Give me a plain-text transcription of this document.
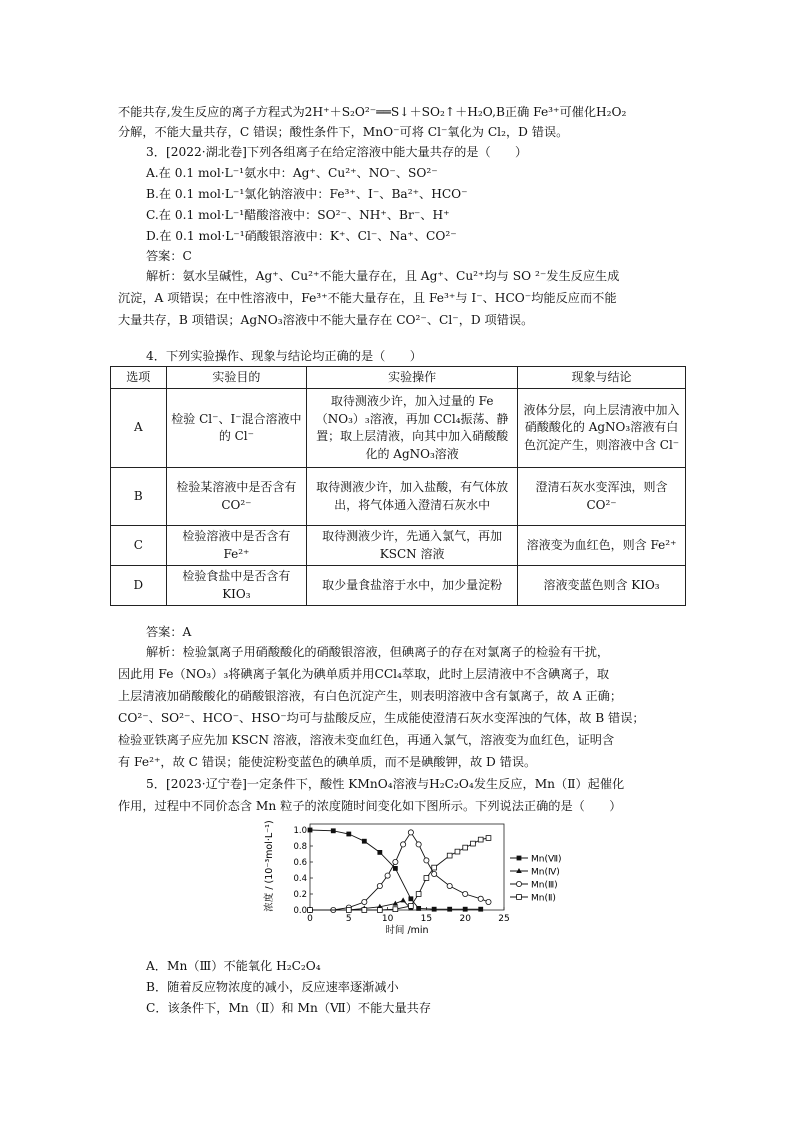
不能共存,发生反应的离子方程式为2H⁺＋S₂O²⁻══S↓＋SO₂↑＋H₂O,B正确 Fe³⁺可催化H₂O₂
分解，不能大量共存，C 错误；酸性条件下，MnO⁻可将 Cl⁻氧化为 Cl₂，D 错误。
3．[2022·湖北卷]下列各组离子在给定溶液中能大量共存的是（　　）
A.在 0.1 mol·L⁻¹氨水中：Ag⁺、Cu²⁺、NO⁻、SO²⁻
B.在 0.1 mol·L⁻¹氯化钠溶液中：Fe³⁺、I⁻、Ba²⁺、HCO⁻
C.在 0.1 mol·L⁻¹醋酸溶液中：SO²⁻、NH⁺、Br⁻、H⁺
D.在 0.1 mol·L⁻¹硝酸银溶液中：K⁺、Cl⁻、Na⁺、CO²⁻
答案：C
解析：氨水呈碱性，Ag⁺、Cu²⁺不能大量存在，且 Ag⁺、Cu²⁺均与 SO ²⁻发生反应生成
沉淀，A 项错误；在中性溶液中，Fe³⁺不能大量存在，且 Fe³⁺与 I⁻、HCO⁻均能反应而不能
大量共存，B 项错误；AgNO₃溶液中不能大量存在 CO²⁻、Cl⁻，D 项错误。
4．下列实验操作、现象与结论均正确的是（　　）
选项	实验目的	实验操作	现象与结论
A	检验 Cl⁻、I⁻混合溶液中的 Cl⁻	取待测液少许，加入过量的 Fe（NO₃）₃溶液，再加 CCl₄振荡、静置；取上层清液，向其中加入硝酸酸化的 AgNO₃溶液	液体分层，向上层清液中加入硝酸酸化的 AgNO₃溶液有白色沉淀产生，则溶液中含 Cl⁻
B	检验某溶液中是否含有 CO²⁻	取待测液少许，加入盐酸，有气体放出，将气体通入澄清石灰水中	澄清石灰水变浑浊，则含 CO²⁻
C	检验溶液中是否含有 Fe²⁺	取待测液少许，先通入氯气，再加 KSCN 溶液	溶液变为血红色，则含 Fe²⁺
D	检验食盐中是否含有 KIO₃	取少量食盐溶于水中，加少量淀粉	溶液变蓝色则含 KIO₃
答案：A
解析：检验氯离子用硝酸酸化的硝酸银溶液，但碘离子的存在对氯离子的检验有干扰，
因此用 Fe（NO₃）₃将碘离子氧化为碘单质并用CCl₄萃取，此时上层清液中不含碘离子，取
上层清液加硝酸酸化的硝酸银溶液，有白色沉淀产生，则表明溶液中含有氯离子，故 A 正确；
CO²⁻、SO²⁻、HCO⁻、HSO⁻均可与盐酸反应，生成能使澄清石灰水变浑浊的气体，故 B 错误；
检验亚铁离子应先加 KSCN 溶液，溶液未变血红色，再通入氯气，溶液变为血红色，证明含
有 Fe²⁺，故 C 错误；能使淀粉变蓝色的碘单质，而不是碘酸钾，故 D 错误。
5．[2023·辽宁卷]一定条件下，酸性 KMnO₄溶液与H₂C₂O₄发生反应，Mn（Ⅱ）起催化
作用，过程中不同价态含 Mn 粒子的浓度随时间变化如下图所示。下列说法正确的是（　　）
0	5	10	15	20	25
0.0
0.2
0.4
0.6
0.8
1.0
时间 /min
浓度 / (10⁻³mol·L⁻¹)	Mn(Ⅶ)
Mn(Ⅳ)
Mn(Ⅲ)
Mn(Ⅱ)
A．Mn（Ⅲ）不能氧化 H₂C₂O₄
B．随着反应物浓度的减小，反应速率逐渐减小
C．该条件下，Mn（Ⅱ）和 Mn（Ⅶ）不能大量共存
